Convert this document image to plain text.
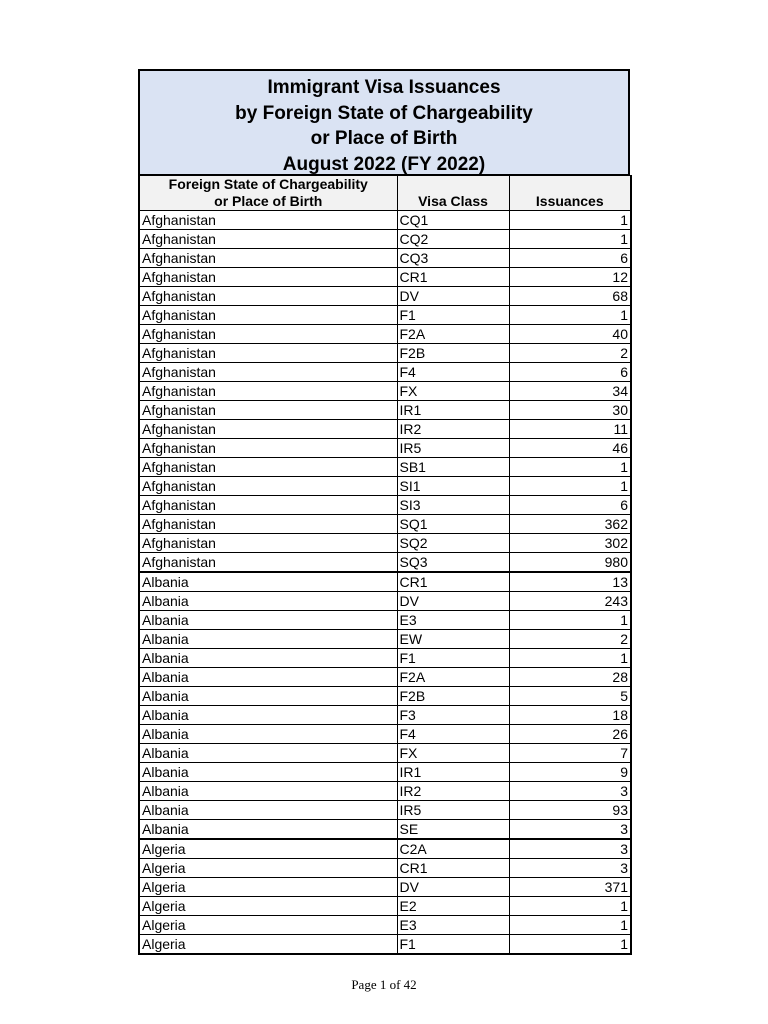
Immigrant Visa Issuances
by Foreign State of Chargeability
or Place of Birth
August 2022 (FY 2022)
Foreign State of Chargeability
or Place of Birth	Visa Class	Issuances
Afghanistan	CQ1	1
Afghanistan	CQ2	1
Afghanistan	CQ3	6
Afghanistan	CR1	12
Afghanistan	DV	68
Afghanistan	F1	1
Afghanistan	F2A	40
Afghanistan	F2B	2
Afghanistan	F4	6
Afghanistan	FX	34
Afghanistan	IR1	30
Afghanistan	IR2	11
Afghanistan	IR5	46
Afghanistan	SB1	1
Afghanistan	SI1	1
Afghanistan	SI3	6
Afghanistan	SQ1	362
Afghanistan	SQ2	302
Afghanistan	SQ3	980
Albania	CR1	13
Albania	DV	243
Albania	E3	1
Albania	EW	2
Albania	F1	1
Albania	F2A	28
Albania	F2B	5
Albania	F3	18
Albania	F4	26
Albania	FX	7
Albania	IR1	9
Albania	IR2	3
Albania	IR5	93
Albania	SE	3
Algeria	C2A	3
Algeria	CR1	3
Algeria	DV	371
Algeria	E2	1
Algeria	E3	1
Algeria	F1	1
Page 1 of 42
